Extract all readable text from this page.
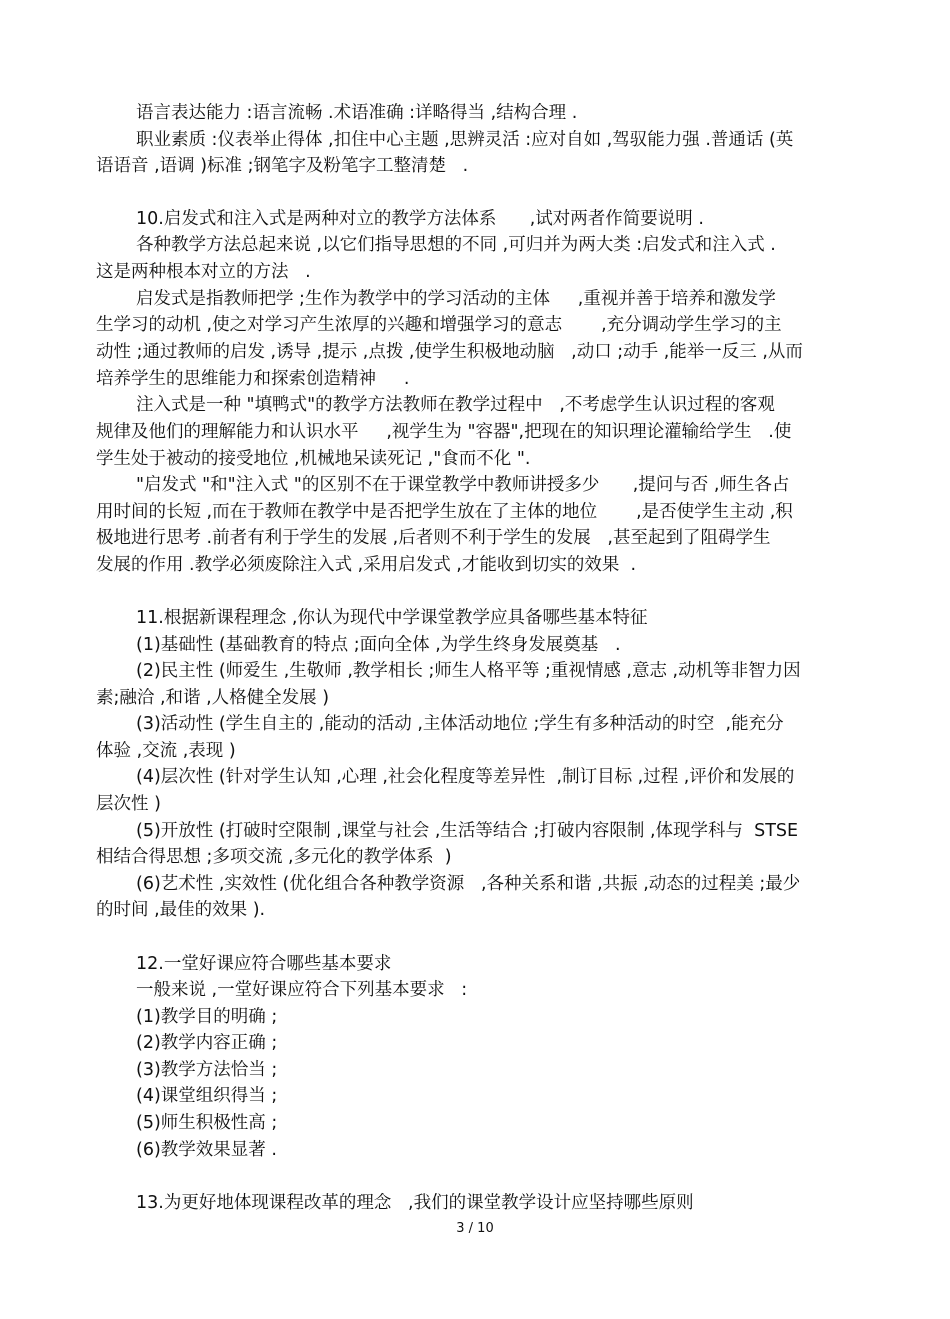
语言表达能力 :语言流畅 .术语准确 :详略得当 ,结构合理 .

职业素质 :仪表举止得体 ,扣住中心主题 ,思辨灵活 :应对自如 ,驾驭能力强 .普通话 (英

语语音 ,语调 )标准 ;钢笔字及粉笔字工整清楚   .

10.启发式和注入式是两种对立的教学方法体系      ,试对两者作简要说明 .

各种教学方法总起来说 ,以它们指导思想的不同 ,可归并为两大类 :启发式和注入式 .

这是两种根本对立的方法   .

启发式是指教师把学 ;生作为教学中的学习活动的主体     ,重视并善于培养和激发学

生学习的动机 ,使之对学习产生浓厚的兴趣和增强学习的意志       ,充分调动学生学习的主

动性 ;通过教师的启发 ,诱导 ,提示 ,点拨 ,使学生积极地动脑   ,动口 ;动手 ,能举一反三 ,从而

培养学生的思维能力和探索创造精神     .

注入式是一种 "填鸭式"的教学方法教师在教学过程中   ,不考虑学生认识过程的客观

规律及他们的理解能力和认识水平     ,视学生为 "容器",把现在的知识理论灌输给学生   .使

学生处于被动的接受地位 ,机械地呆读死记 ,"食而不化 ".

"启发式 "和"注入式 "的区别不在于课堂教学中教师讲授多少      ,提问与否 ,师生各占

用时间的长短 ,而在于教师在教学中是否把学生放在了主体的地位       ,是否使学生主动 ,积

极地进行思考 .前者有利于学生的发展 ,后者则不利于学生的发展   ,甚至起到了阻碍学生

发展的作用 .教学必须废除注入式 ,采用启发式 ,才能收到切实的效果  .

11.根据新课程理念 ,你认为现代中学课堂教学应具备哪些基本特征

(1)基础性 (基础教育的特点 ;面向全体 ,为学生终身发展奠基   .

(2)民主性 (师爱生 ,生敬师 ,教学相长 ;师生人格平等 ;重视情感 ,意志 ,动机等非智力因

素;融洽 ,和谐 ,人格健全发展 )

(3)活动性 (学生自主的 ,能动的活动 ,主体活动地位 ;学生有多种活动的时空  ,能充分

体验 ,交流 ,表现 )

(4)层次性 (针对学生认知 ,心理 ,社会化程度等差异性  ,制订目标 ,过程 ,评价和发展的

层次性 )

(5)开放性 (打破时空限制 ,课堂与社会 ,生活等结合 ;打破内容限制 ,体现学科与  STSE

相结合得思想 ;多项交流 ,多元化的教学体系  )

(6)艺术性 ,实效性 (优化组合各种教学资源   ,各种关系和谐 ,共振 ,动态的过程美 ;最少

的时间 ,最佳的效果 ).

12.一堂好课应符合哪些基本要求

一般来说 ,一堂好课应符合下列基本要求   :

(1)教学目的明确 ;

(2)教学内容正确 ;

(3)教学方法恰当 ;

(4)课堂组织得当 ;

(5)师生积极性高 ;

(6)教学效果显著 .

13.为更好地体现课程改革的理念   ,我们的课堂教学设计应坚持哪些原则

3 / 10
